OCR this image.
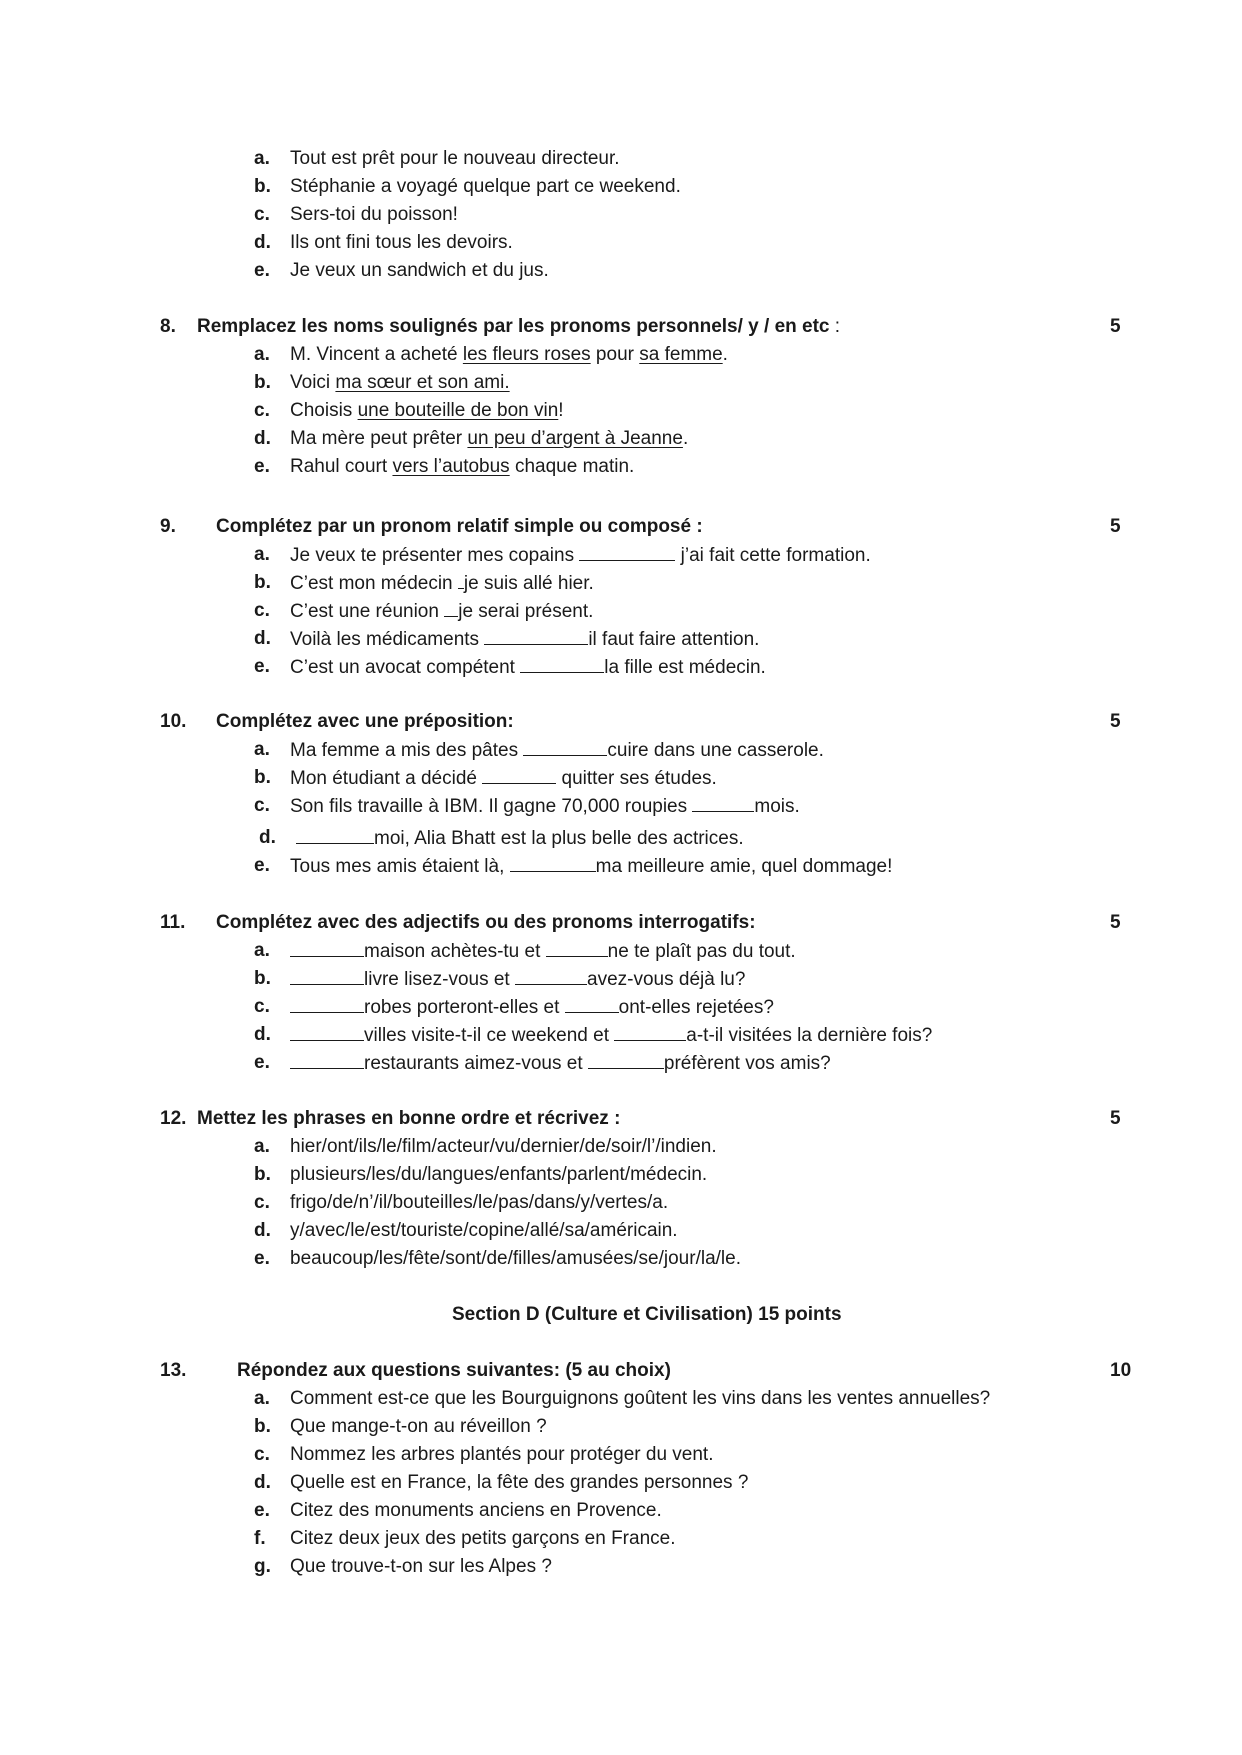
a. Tout est prêt pour le nouveau directeur.
b. Stéphanie a voyagé quelque part ce weekend.
c. Sers-toi du poisson!
d. Ils ont fini tous les devoirs.
e. Je veux un sandwich et du jus.
8. Remplacez les noms soulignés par les pronoms personnels/ y / en etc :	5
a. M. Vincent a acheté les fleurs roses pour sa femme.
b. Voici ma sœur et son ami.
c. Choisis une bouteille de bon vin!
d. Ma mère peut prêter un peu d’argent à Jeanne.
e. Rahul court vers l’autobus chaque matin.
9. Complétez par un pronom relatif simple ou composé :	5
a. Je veux te présenter mes copains	j’ai fait cette formation.
b. C’est mon médecin je suis allé hier.
c. C’est une réunion je serai présent.
d. Voilà les médicaments	il faut faire attention.
e. C’est un avocat compétent	la fille est médecin.
10. Complétez avec une préposition:	5
a. Ma femme a mis des pâtes	cuire dans une casserole.
b. Mon étudiant a décidé	quitter ses études.
c. Son fils travaille à IBM. Il gagne 70,000 roupies	mois.
d.	moi, Alia Bhatt est la plus belle des actrices.
e. Tous mes amis étaient là,	ma meilleure amie, quel dommage!
11. Complétez avec des adjectifs ou des pronoms interrogatifs:	5
a.	maison achètes-tu et	ne te plaît pas du tout.
b.	livre lisez-vous et	avez-vous déjà lu?
c.	robes porteront-elles et	ont-elles rejetées?
d.	villes visite-t-il ce weekend et	a-t-il visitées la dernière fois?
e.	restaurants aimez-vous et	préfèrent vos amis?
12. Mettez les phrases en bonne ordre et récrivez :	5
a. hier/ont/ils/le/film/acteur/vu/dernier/de/soir/l’/indien.
b. plusieurs/les/du/langues/enfants/parlent/médecin.
c. frigo/de/n’/il/bouteilles/le/pas/dans/y/vertes/a.
d. y/avec/le/est/touriste/copine/allé/sa/américain.
e. beaucoup/les/fête/sont/de/filles/amusées/se/jour/la/le.
Section D (Culture et Civilisation) 15 points
13.	Répondez aux questions suivantes: (5 au choix)	10
a. Comment est-ce que les Bourguignons goûtent les vins dans les ventes annuelles?
b. Que mange-t-on au réveillon ?
c. Nommez les arbres plantés pour protéger du vent.
d. Quelle est en France, la fête des grandes personnes ?
e. Citez des monuments anciens en Provence.
f. Citez deux jeux des petits garçons en France.
g. Que trouve-t-on sur les Alpes ?
